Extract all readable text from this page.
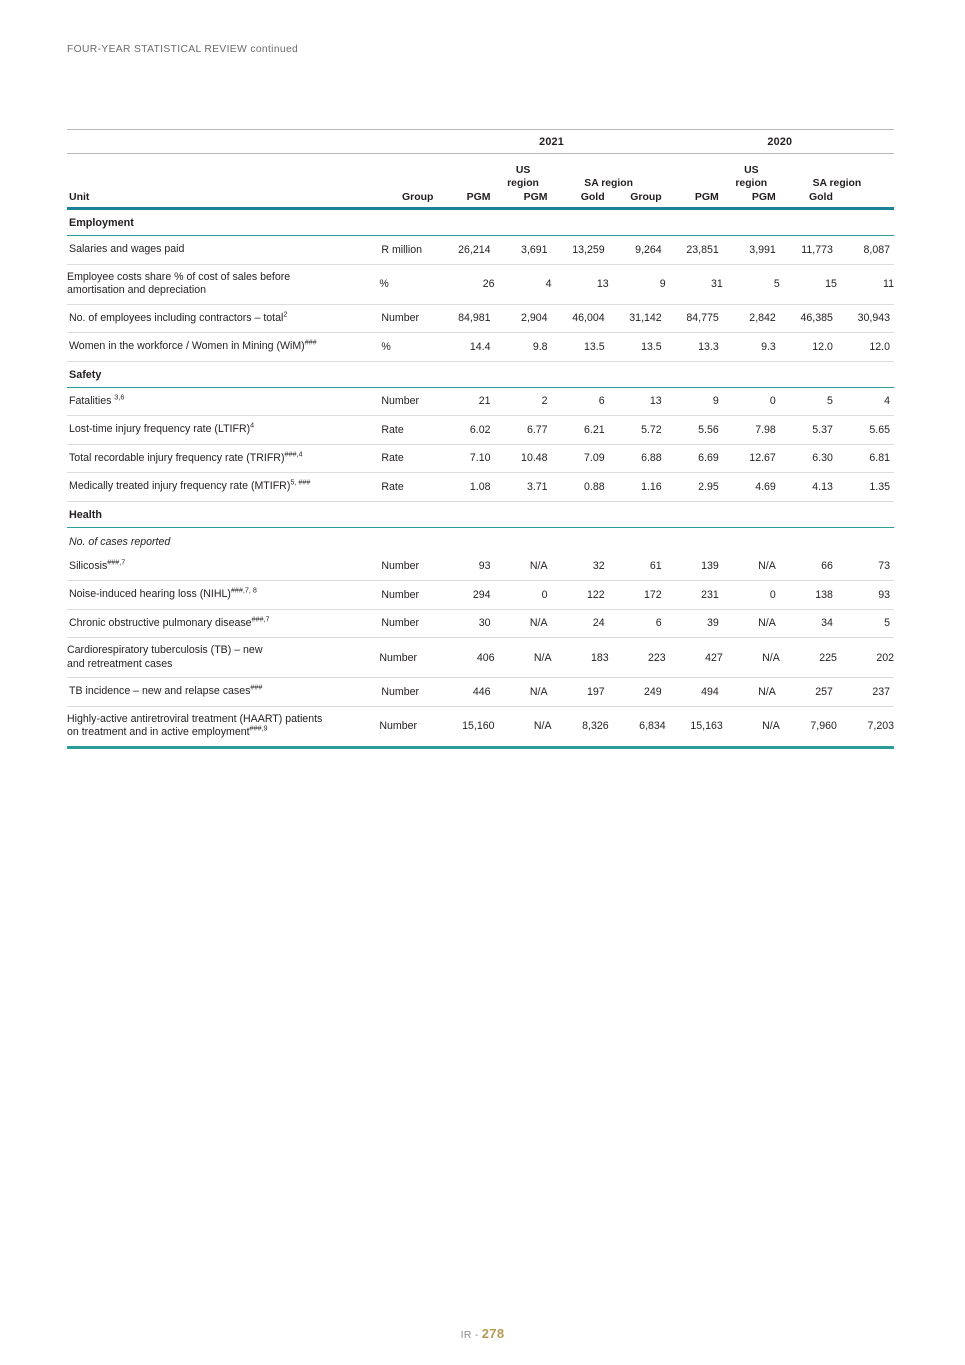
FOUR-YEAR STATISTICAL REVIEW continued

		2021				2020			
			US
region	SA region			US
region	SA region	
Unit	Group	PGM	PGM	Gold	Group	PGM	PGM	Gold	

Employment									
Salaries and wages paid	R million	26,214	3,691	13,259	9,264	23,851	3,991	11,773	8,087
Employee costs share % of cost of sales before
amortisation and depreciation	%	26	4	13	9	31	5	15	11
No. of employees including contractors – total$^2$	Number	84,981	2,904	46,004	31,142	84,775	2,842	46,385	30,943
Women in the workforce / Women in Mining (WiM)###	%	14.4	9.8	13.5	13.5	13.3	9.3	12.0	12.0
Safety									
Fatalities $^{3,6}$	Number	21	2	6	13	9	0	5	4
Lost-time injury frequency rate (LTIFR)$^4$	Rate	6.02	6.77	6.21	5.72	5.56	7.98	5.37	5.65
Total recordable injury frequency rate (TRIFR)$^{\#\#\#,4}$	Rate	7.10	10.48	7.09	6.88	6.69	12.67	6.30	6.81
Medically treated injury frequency rate (MTIFR)$^{5, \#\#\#}$	Rate	1.08	3.71	0.88	1.16	2.95	4.69	4.13	1.35
Health									
No. of cases reported									
Silicosis$^{\#\#\#,7}$	Number	93	N/A	32	61	139	N/A	66	73
Noise-induced hearing loss (NIHL)$^{\#\#\#,7, 8}$	Number	294	0	122	172	231	0	138	93
Chronic obstructive pulmonary disease$^{\#\#\#,7}$	Number	30	N/A	24	6	39	N/A	34	5
Cardiorespiratory tuberculosis (TB) – new
and retreatment cases	Number	406	N/A	183	223	427	N/A	225	202
TB incidence – new and relapse cases###	Number	446	N/A	197	249	494	N/A	257	237
Highly-active antiretroviral treatment (HAART) patients
on treatment and in active employment$^{\#\#\#,9}$	Number	15,160	N/A	8,326	6,834	15,163	N/A	7,960	7,203

IR - 278
